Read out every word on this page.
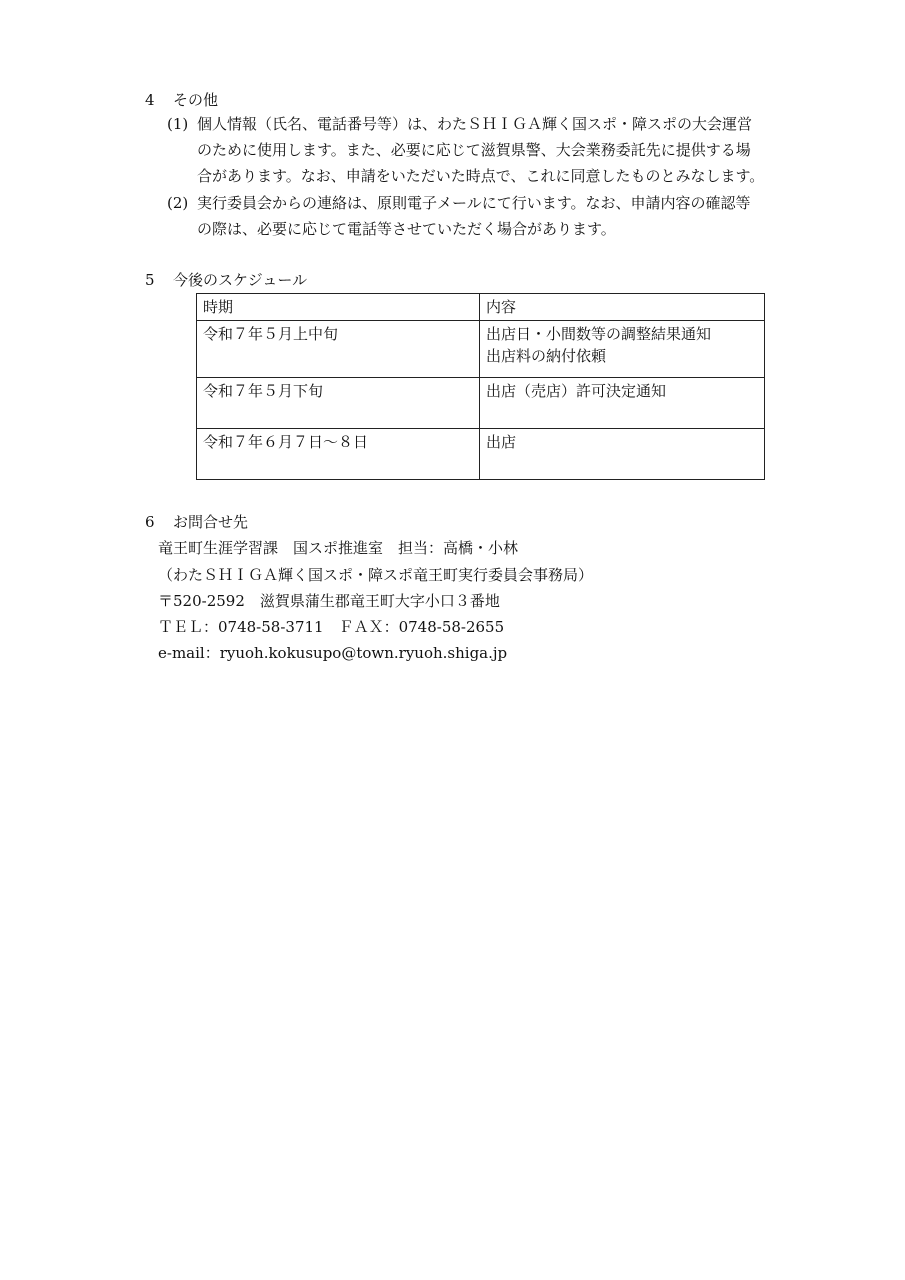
4 その他
(1) 個人情報（氏名、電話番号等）は、わたＳＨＩＧＡ輝く国スポ・障スポの大会運営
のために使用します。また、必要に応じて滋賀県警、大会業務委託先に提供する場
合があります。なお、申請をいただいた時点で、これに同意したものとみなします。
(2) 実行委員会からの連絡は、原則電子メールにて行います。なお、申請内容の確認等
の際は、必要に応じて電話等させていただく場合があります。
5 今後のスケジュール
時期	内容
令和７年５月上中旬	出店日・小間数等の調整結果通知
出店料の納付依頼

令和７年５月下旬	出店（売店）許可決定通知

令和７年６月７日～８日	出店
6 お問合せ先
竜王町生涯学習課　国スポ推進室　担当：高橋・小林
（わたＳＨＩＧＡ輝く国スポ・障スポ竜王町実行委員会事務局）
〒520-2592　滋賀県蒲生郡竜王町大字小口３番地
ＴＥＬ：0748-58-3711　ＦＡＸ：0748-58-2655
e-mail：ryuoh.kokusupo@town.ryuoh.shiga.jp
